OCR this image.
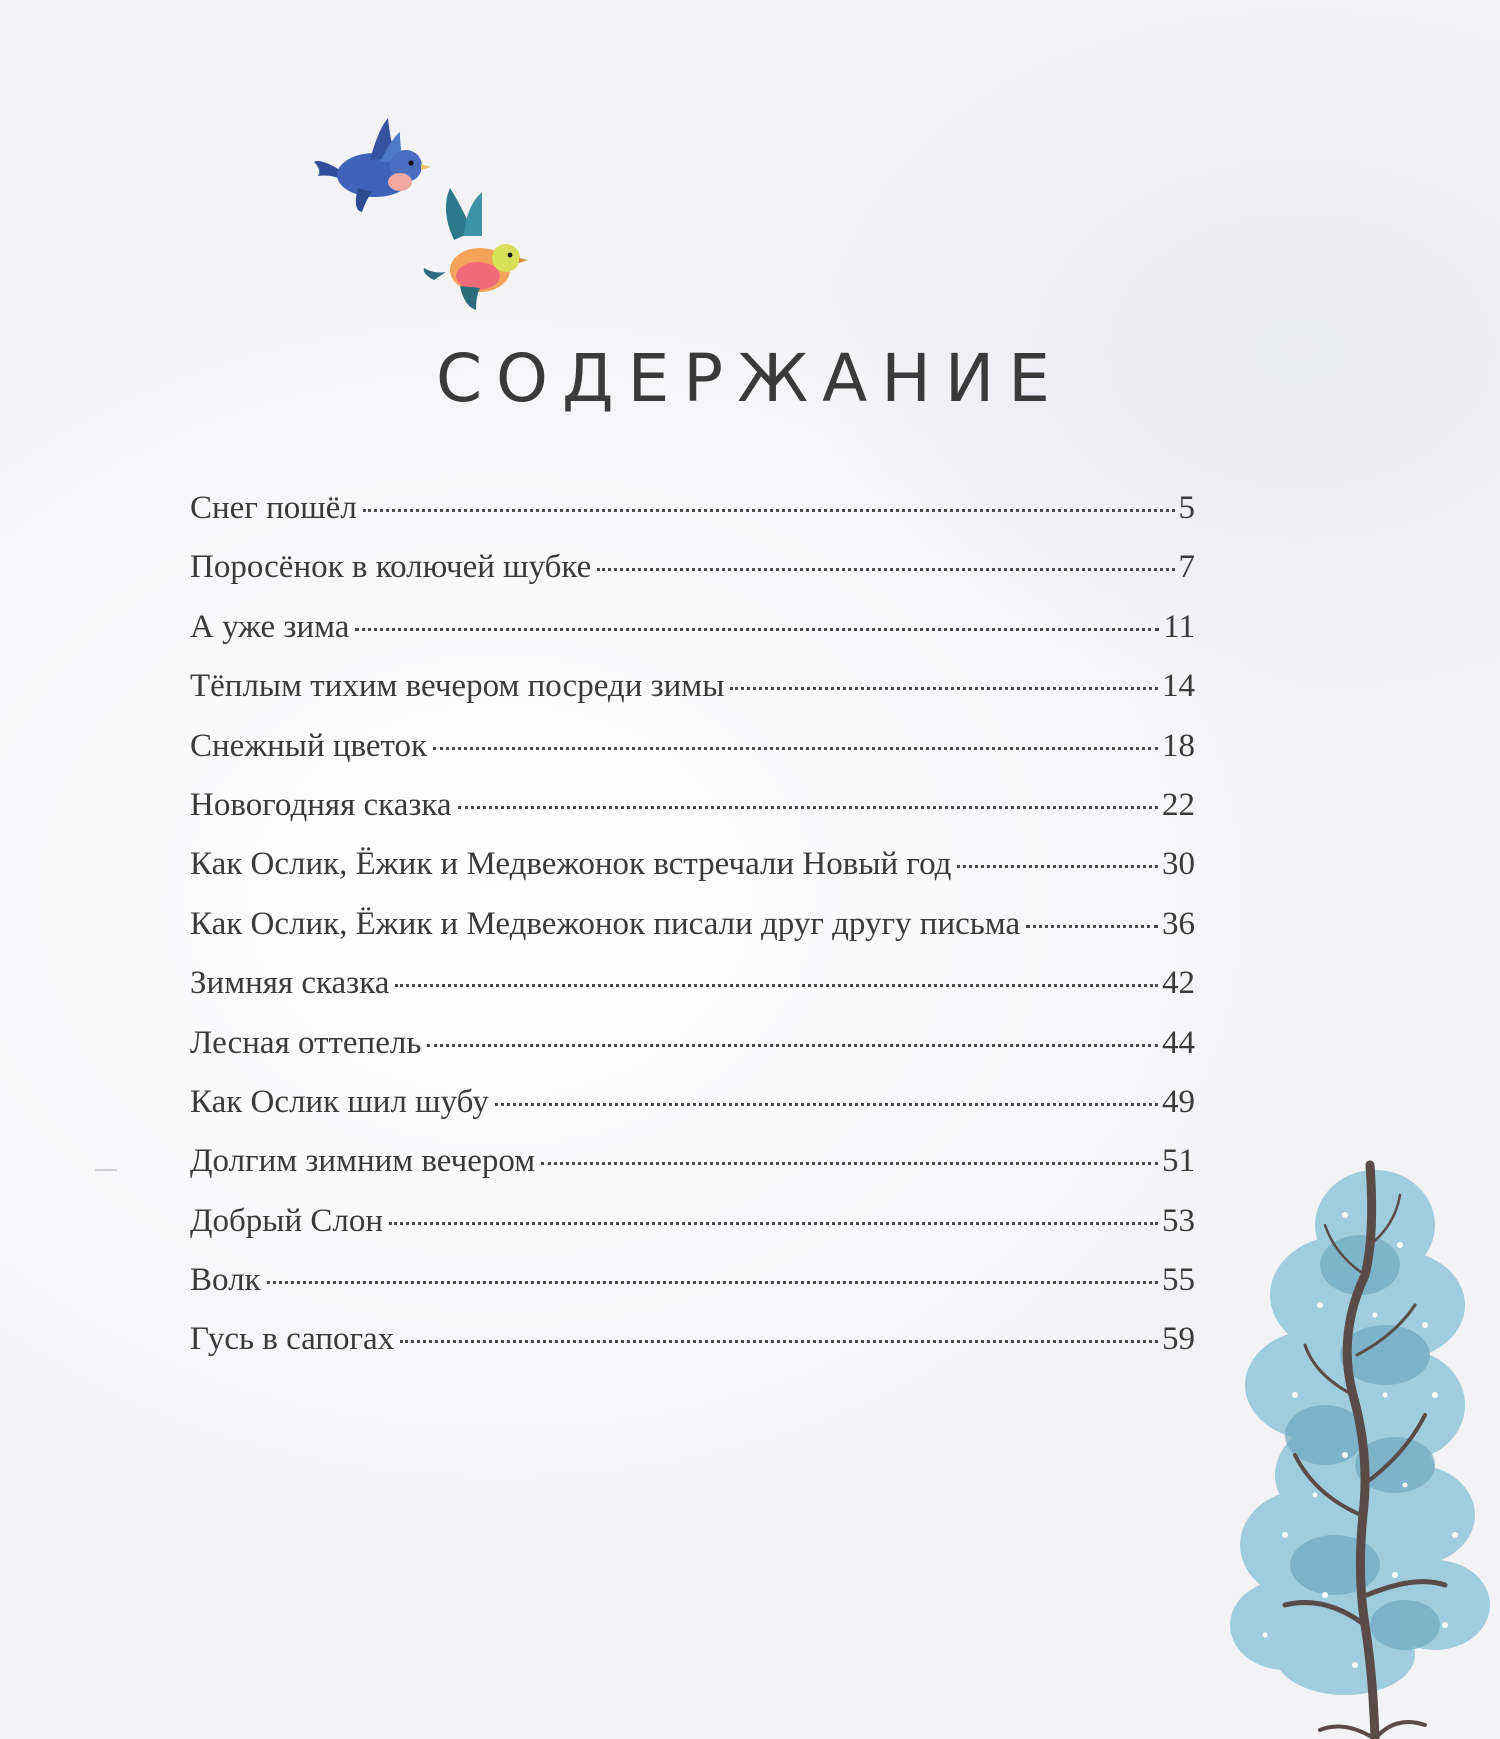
СОДЕРЖАНИЕ
Снег пошёл	5
Поросёнок в колючей шубке	7
А уже зима	11
Тёплым тихим вечером посреди зимы	14
Снежный цветок	18
Новогодняя сказка	22
Как Ослик, Ёжик и Медвежонок встречали Новый год	30
Как Ослик, Ёжик и Медвежонок писали друг другу письма	36
Зимняя сказка	42
Лесная оттепель	44
Как Ослик шил шубу	49
Долгим зимним вечером	51
Добрый Слон	53
Волк	55
Гусь в сапогах	59
